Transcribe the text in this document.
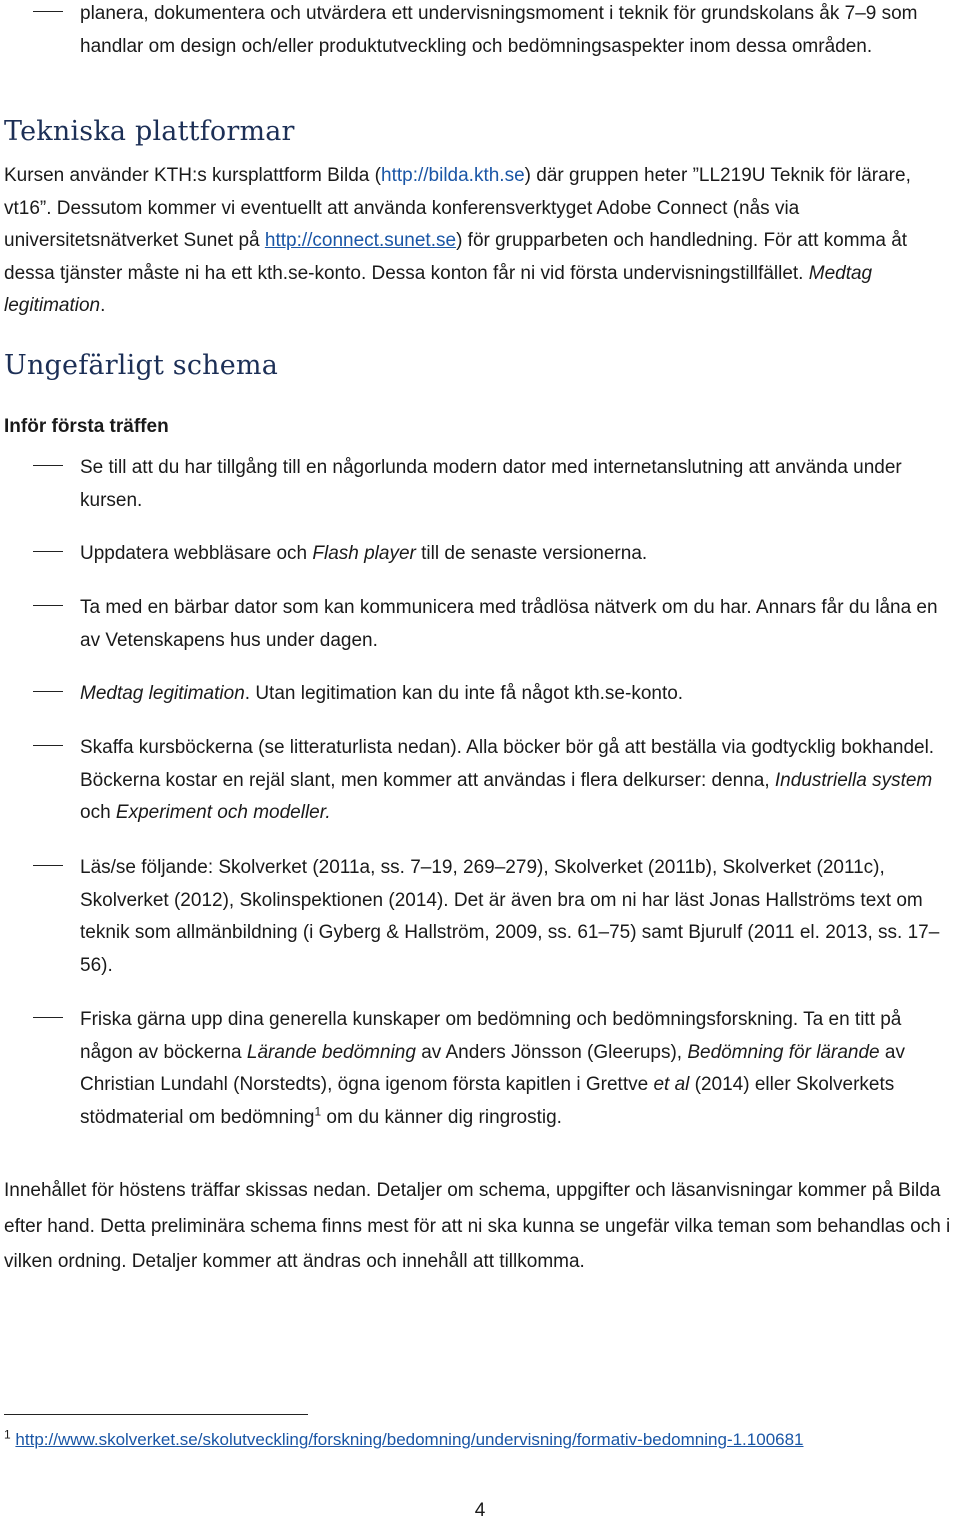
planera, dokumentera och utvärdera ett undervisningsmoment i teknik för grundskolans åk 7–9 som handlar om design och/eller produktutveckling och bedömningsaspekter inom dessa områden.

Tekniska plattformar

Kursen använder KTH:s kursplattform Bilda (http://bilda.kth.se) där gruppen heter ”LL219U Teknik för lärare, vt16”. Dessutom kommer vi eventuellt att använda konferensverktyget Adobe Connect (nås via universitetsnätverket Sunet på http://connect.sunet.se) för grupparbeten och handledning. För att komma åt dessa tjänster måste ni ha ett kth.se-konto. Dessa konton får ni vid första undervisningstillfället. Medtag legitimation.

Ungefärligt schema

Inför första träffen

Se till att du har tillgång till en någorlunda modern dator med internetanslutning att använda under kursen.

Uppdatera webbläsare och Flash player till de senaste versionerna.

Ta med en bärbar dator som kan kommunicera med trådlösa nätverk om du har. Annars får du låna en av Vetenskapens hus under dagen.

Medtag legitimation. Utan legitimation kan du inte få något kth.se-konto.

Skaffa kursböckerna (se litteraturlista nedan). Alla böcker bör gå att beställa via godtycklig bokhandel. Böckerna kostar en rejäl slant, men kommer att användas i flera delkurser: denna, Industriella system och Experiment och modeller.

Läs/se följande: Skolverket (2011a, ss. 7–19, 269–279), Skolverket (2011b), Skolverket (2011c), Skolverket (2012), Skolinspektionen (2014). Det är även bra om ni har läst Jonas Hallströms text om teknik som allmänbildning (i Gyberg & Hallström, 2009, ss. 61–75) samt Bjurulf (2011 el. 2013, ss. 17–56).

Friska gärna upp dina generella kunskaper om bedömning och bedömningsforskning. Ta en titt på någon av böckerna Lärande bedömning av Anders Jönsson (Gleerups), Bedömning för lärande av Christian Lundahl (Norstedts), ögna igenom första kapitlen i Grettve et al (2014) eller Skolverkets stödmaterial om bedömning$^1$ om du känner dig ringrostig.

Innehållet för höstens träffar skissas nedan. Detaljer om schema, uppgifter och läsanvisningar kommer på Bilda efter hand. Detta preliminära schema finns mest för att ni ska kunna se ungefär vilka teman som behandlas och i vilken ordning. Detaljer kommer att ändras och innehåll att tillkomma.

$^1$ http://www.skolverket.se/skolutveckling/forskning/bedomning/undervisning/formativ-bedomning-1.100681

4
